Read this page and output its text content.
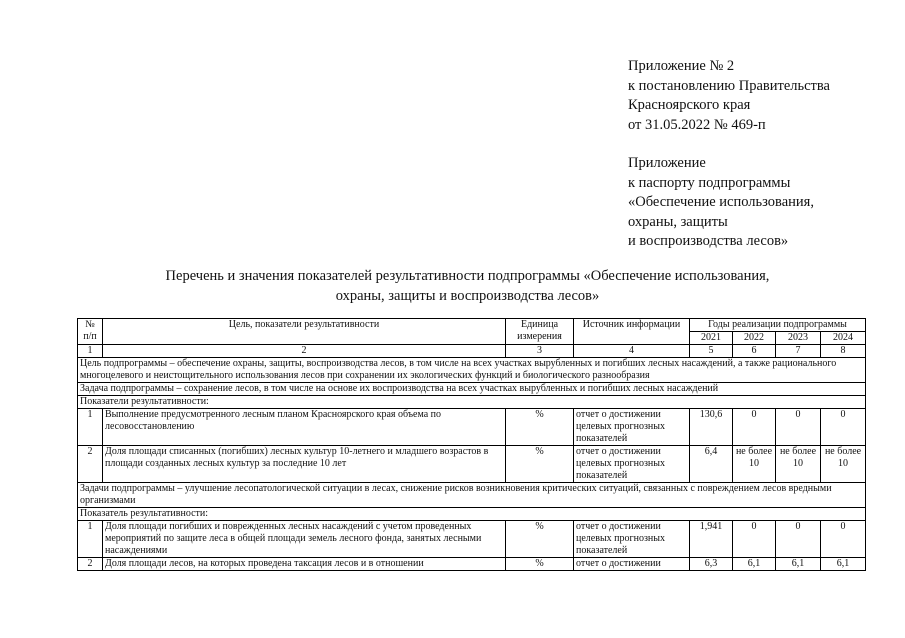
Приложение № 2
к постановлению Правительства
Красноярского края
от 31.05.2022 № 469-п
Приложение
к паспорту подпрограммы
«Обеспечение использования,
охраны, защиты
и воспроизводства лесов»
Перечень и значения показателей результативности подпрограммы «Обеспечение использования,
охраны, защиты и воспроизводства лесов»
№ п/п	Цель, показатели результативности	Единица измерения	Источник информации	Годы реализации подпрограммы			
				2021	2022	2023	2024
1	2	3	4	5	6	7	8
Цель подпрограммы – обеспечение охраны, защиты, воспроизводства лесов, в том числе на всех участках вырубленных и погибших лесных насаждений, а также рационального многоцелевого и неистощительного использования лесов при сохранении их экологических функций и биологического разнообразия							
Задача подпрограммы – сохранение лесов, в том числе на основе их воспроизводства на всех участках вырубленных и погибших лесных насаждений							
Показатели результативности:							
1	Выполнение предусмотренного лесным планом Красноярского края объема по лесовосстановлению	%	отчет о достижении целевых прогнозных показателей	130,6	0	0	0
2	Доля площади списанных (погибших) лесных культур 10-летнего и младшего возрастов в площади созданных лесных культур за последние 10 лет	%	отчет о достижении целевых прогнозных показателей	6,4	не более 10	не более 10	не более 10
Задачи подпрограммы – улучшение лесопатологической ситуации в лесах, снижение рисков возникновения критических ситуаций, связанных с повреждением лесов вредными организмами							
Показатель результативности:							
1	Доля площади погибших и поврежденных лесных насаждений с учетом проведенных мероприятий по защите леса в общей площади земель лесного фонда, занятых лесными насаждениями	%	отчет о достижении целевых прогнозных показателей	1,941	0	0	0
2	Доля площади лесов, на которых проведена таксация лесов и в отношении	%	отчет о достижении	6,3	6,1	6,1	6,1
